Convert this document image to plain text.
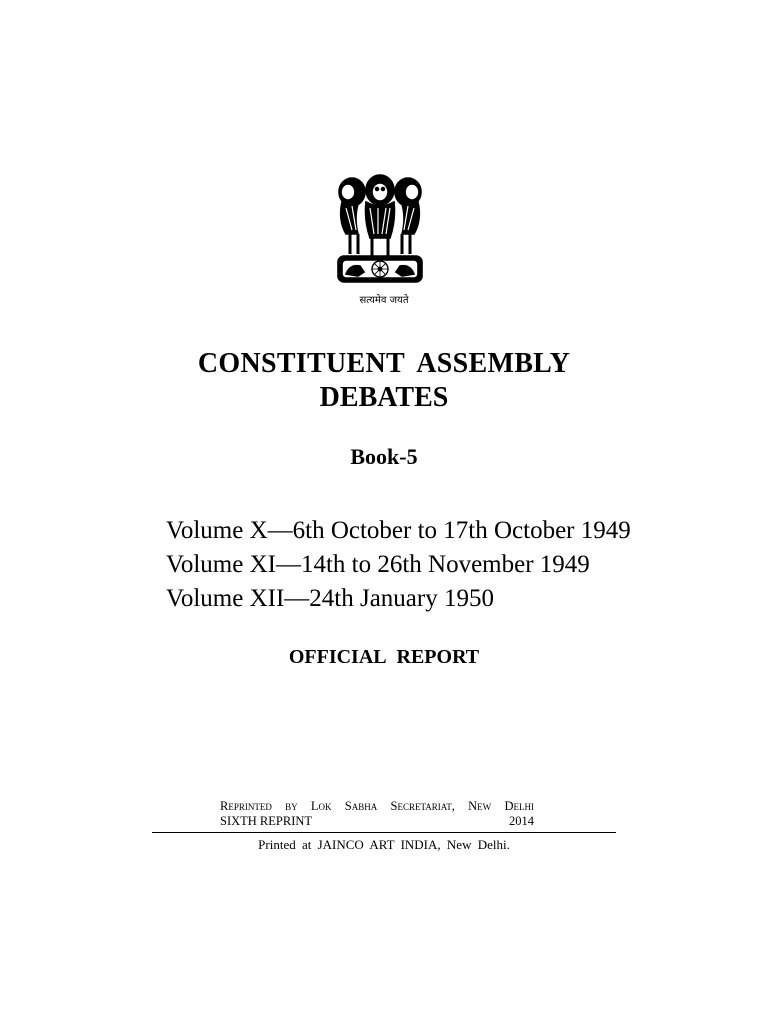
सत्यमेव जयते
CONSTITUENT ASSEMBLY
DEBATES
Book-5
Volume X—6th October to 17th October 1949
Volume XI—14th to 26th November 1949
Volume XII—24th January 1950
OFFICIAL REPORT
Reprinted by Lok Sabha Secretariat, New Delhi
SIXTH REPRINT	2014
Printed at JAINCO ART INDIA, New Delhi.
